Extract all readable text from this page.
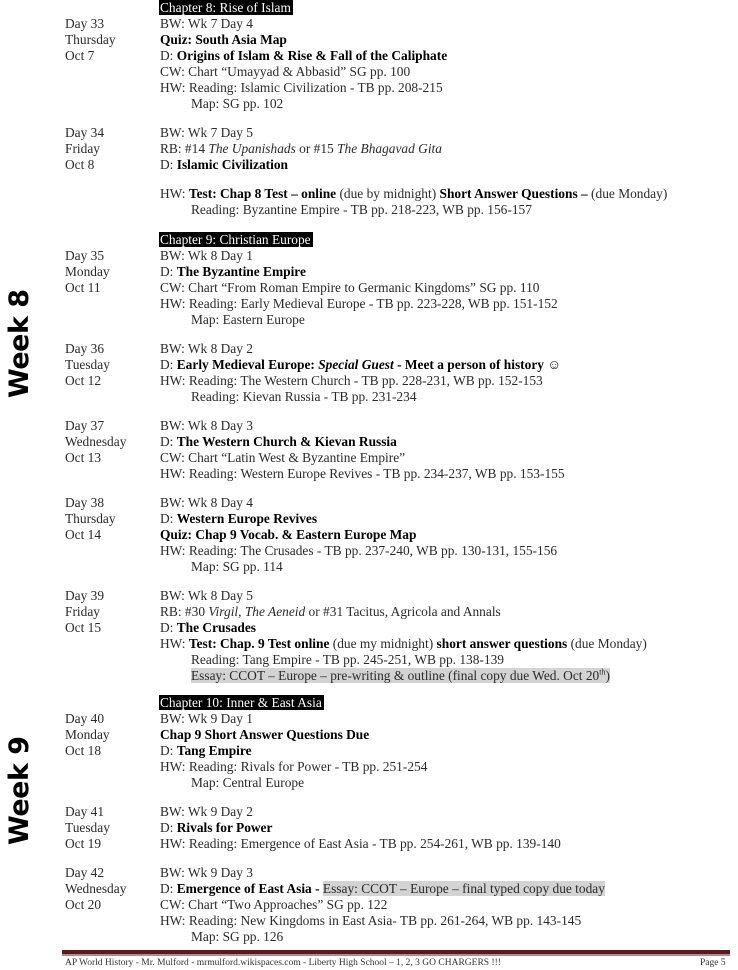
Week 8
Week 9
Chapter 8: Rise of Islam
Day 33
Thursday
Oct 7
BW: Wk 7 Day 4
Quiz: South Asia Map
D: Origins of Islam & Rise & Fall of the Caliphate
CW: Chart “Umayyad & Abbasid” SG pp. 100
HW: Reading: Islamic Civilization - TB pp. 208-215
Map: SG pp. 102
Day 34
Friday
Oct 8
BW: Wk 7 Day 5
RB: #14 The Upanishads or #15 The Bhagavad Gita
D: Islamic Civilization
HW: Test: Chap 8 Test – online (due by midnight) Short Answer Questions – (due Monday)
Reading: Byzantine Empire - TB pp. 218-223, WB pp. 156-157
Chapter 9: Christian Europe
Day 35
Monday
Oct 11
BW: Wk 8 Day 1
D: The Byzantine Empire
CW: Chart “From Roman Empire to Germanic Kingdoms” SG pp. 110
HW: Reading: Early Medieval Europe - TB pp. 223-228, WB pp. 151-152
Map: Eastern Europe
Day 36
Tuesday
Oct 12
BW: Wk 8 Day 2
D: Early Medieval Europe: Special Guest - Meet a person of history ☺
HW: Reading: The Western Church - TB pp. 228-231, WB pp. 152-153
Reading: Kievan Russia - TB pp. 231-234
Day 37
Wednesday
Oct 13
BW: Wk 8 Day 3
D: The Western Church & Kievan Russia
CW: Chart “Latin West & Byzantine Empire”
HW: Reading: Western Europe Revives - TB pp. 234-237, WB pp. 153-155
Day 38
Thursday
Oct 14
BW: Wk 8 Day 4
D: Western Europe Revives
Quiz: Chap 9 Vocab. & Eastern Europe Map
HW: Reading: The Crusades - TB pp. 237-240, WB pp. 130-131, 155-156
Map: SG pp. 114
Day 39
Friday
Oct 15
BW: Wk 8 Day 5
RB: #30 Virgil, The Aeneid or #31 Tacitus, Agricola and Annals
D: The Crusades
HW: Test: Chap. 9 Test online (due my midnight) short answer questions (due Monday)
Reading: Tang Empire - TB pp. 245-251, WB pp. 138-139
Essay: CCOT – Europe – pre-writing & outline (final copy due Wed. Oct 20th)
Chapter 10: Inner & East Asia
Day 40
Monday
Oct 18
BW: Wk 9 Day 1
Chap 9 Short Answer Questions Due
D: Tang Empire
HW: Reading: Rivals for Power - TB pp. 251-254
Map: Central Europe
Day 41
Tuesday
Oct 19
BW: Wk 9 Day 2
D: Rivals for Power
HW: Reading: Emergence of East Asia - TB pp. 254-261, WB pp. 139-140
Day 42
Wednesday
Oct 20
BW: Wk 9 Day 3
D: Emergence of East Asia - Essay: CCOT – Europe – final typed copy due today
CW: Chart “Two Approaches” SG pp. 122
HW: Reading: New Kingdoms in East Asia- TB pp. 261-264, WB pp. 143-145
Map: SG pp. 126
AP World History - Mr. Mulford - mrmulford.wikispaces.com - Liberty High School – 1, 2, 3 GO CHARGERS !!!	Page 5
